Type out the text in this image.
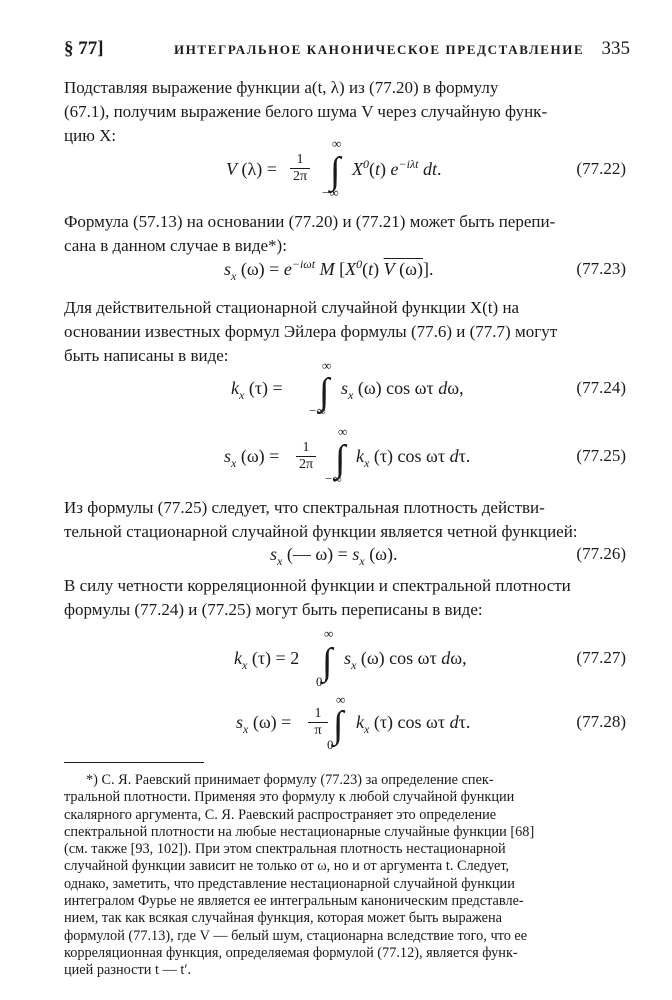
§ 77]	ИНТЕГРАЛЬНОЕ КАНОНИЧЕСКОЕ ПРЕДСТАВЛЕНИЕ 335

Подставляя выражение функции a(t, λ) из (77.20) в формулу
(67.1), получим выражение белого шума V через случайную функ-
цию X:

V $(\lambda) = \frac{1}{2\pi}$
∞
∫
−∞
$X^0(t)$ $e^{-i\lambda t}$ dt.	(77.22)

Формула (57.13) на основании (77.20) и (77.21) может быть перепи-
сана в данном случае в виде*):

$s_x$ $(\omega) = e^{-i\omega t}$ M [$X^0(t)$ V (ω)].	(77.23)

Для действительной стационарной случайной функции X(t) на
основании известных формул Эйлера формулы (77.6) и (77.7) могут
быть написаны в виде:

$k_x$ (τ) =
∞
∫
−∞
$s_x$ (ω) cos ωτ dω,	(77.24)
$s_x$ $(\omega) = \frac{1}{2\pi}$
∞
∫
−∞
$k_x$ (τ) cos ωτ dτ.	(77.25)

Из формулы (77.25) следует, что спектральная плотность действи-
тельной стационарной случайной функции является четной функцией:

$s_x$ (— $\omega) = s_x$ (ω).	(77.26)

В силу четности корреляционной функции и спектральной плотности
формулы (77.24) и (77.25) могут быть переписаны в виде:

$k_x$ (τ) = 2
∞
∫
0
$s_x$ (ω) cos ωτ dω,	(77.27)
$s_x$ $(\omega) = \frac{1}{\pi}$
∞
∫
0
$k_x$ (τ) cos ωτ dτ.	(77.28)

*) С. Я. Раевский принимает формулу (77.23) за определение спек-
тральной плотности. Применяя это формулу к любой случайной функции
скалярного аргумента, С. Я. Раевский распространяет это определение
спектральной плотности на любые нестационарные случайные функции [68]
(см. также [93, 102]). При этом спектральная плотность нестационарной
случайной функции зависит не только от ω, но и от аргумента t. Следует,
однако, заметить, что представление нестационарной случайной функции
интегралом Фурье не является ее интегральным каноническим представле-
нием, так как всякая случайная функция, которая может быть выражена
формулой (77.13), где V — белый шум, стационарна вследствие того, что ее
корреляционная функция, определяемая формулой (77.12), является функ-
цией разности t — t′.
